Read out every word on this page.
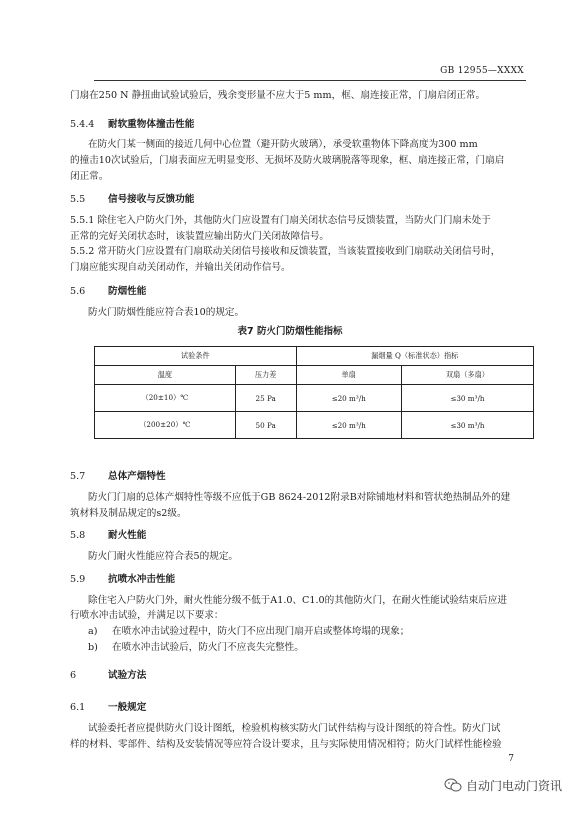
GB 12955—XXXX
门扇在250 N 静扭曲试验试验后，残余变形量不应大于5 mm，框、扇连接正常，门扇启闭正常。
5.4.4 耐软重物体撞击性能
在防火门某一侧面的接近几何中心位置（避开防火玻璃），承受软重物体下降高度为300 mm
的撞击10次试验后，门扇表面应无明显变形、无损坏及防火玻璃脱落等现象，框、扇连接正常，门扇启
闭正常。
5.5 信号接收与反馈功能
5.5.1 除住宅入户防火门外，其他防火门应设置有门扇关闭状态信号反馈装置，当防火门门扇未处于
正常的完好关闭状态时，该装置应输出防火门关闭故障信号。
5.5.2 常开防火门应设置有门扇联动关闭信号接收和反馈装置，当该装置接收到门扇联动关闭信号时，
门扇应能实现自动关闭动作，并输出关闭动作信号。
5.6 防烟性能
防火门防烟性能应符合表10的规定。
表7 防火门防烟性能指标
试验条件		漏烟量 Q（标准状态）指标	
温度	压力差	单扇	双扇（多扇）
（20±10）℃	25 Pa	≤20 m³/h	≤30 m³/h
（200±20）℃	50 Pa	≤20 m³/h	≤30 m³/h
5.7 总体产烟特性
防火门门扇的总体产烟特性等级不应低于GB 8624-2012附录B对除铺地材料和管状绝热制品外的建
筑材料及制品规定的s2级。
5.8 耐火性能
防火门耐火性能应符合表5的规定。
5.9 抗喷水冲击性能
除住宅入户防火门外，耐火性能分级不低于A1.0、C1.0的其他防火门，在耐火性能试验结束后应进
行喷水冲击试验，并满足以下要求：
a) 在喷水冲击试验过程中，防火门不应出现门扇开启或整体垮塌的现象；
b) 在喷水冲击试验后，防火门不应丧失完整性。
6	试验方法
6.1 一般规定
试验委托者应提供防火门设计图纸，检验机构核实防火门试件结构与设计图纸的符合性。防火门试
样的材料、零部件、结构及安装情况等应符合设计要求，且与实际使用情况相符；防火门试样性能检验
7
自动门电动门资讯
